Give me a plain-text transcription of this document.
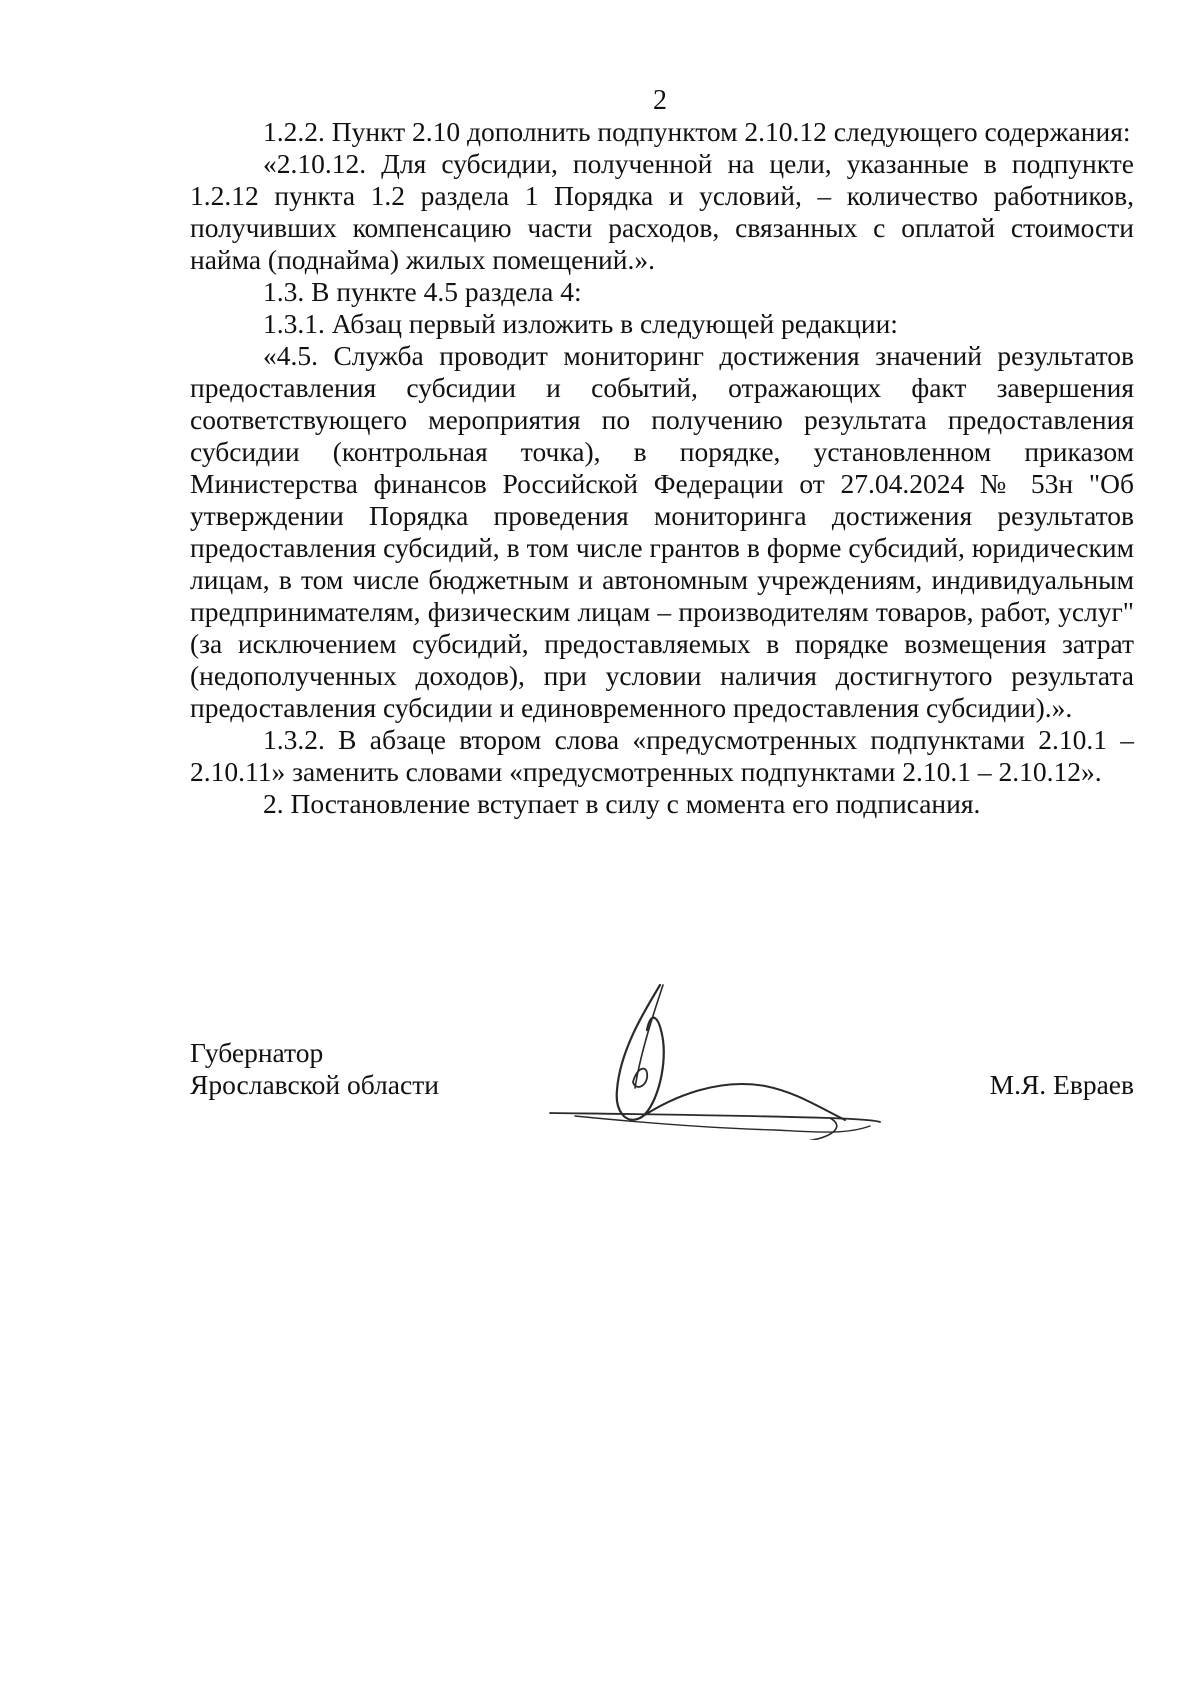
2

1.2.2. Пункт 2.10 дополнить подпунктом 2.10.12 следующего содержания:

«2.10.12. Для субсидии, полученной на цели, указанные в подпункте 1.2.12 пункта 1.2 раздела 1 Порядка и условий, – количество работников, получивших компенсацию части расходов, связанных с оплатой стоимости найма (поднайма) жилых помещений.».

1.3. В пункте 4.5 раздела 4:

1.3.1. Абзац первый изложить в следующей редакции:

«4.5. Служба проводит мониторинг достижения значений результатов предоставления субсидии и событий, отражающих факт завершения соответствующего мероприятия по получению результата предоставления субсидии (контрольная точка), в порядке, установленном приказом Министерства финансов Российской Федерации от 27.04.2024 № 53н "Об утверждении Порядка проведения мониторинга достижения результатов предоставления субсидий, в том числе грантов в форме субсидий, юридическим лицам, в том числе бюджетным и автономным учреждениям, индивидуальным предпринимателям, физическим лицам – производителям товаров, работ, услуг" (за исключением субсидий, предоставляемых в порядке возмещения затрат (недополученных доходов), при условии наличия достигнутого результата предоставления субсидии и единовременного предоставления субсидии).».

1.3.2. В абзаце втором слова «предусмотренных подпунктами 2.10.1 – 2.10.11» заменить словами «предусмотренных подпунктами 2.10.1 – 2.10.12».

2. Постановление вступает в силу с момента его подписания.

Губернатор
Ярославской области	М.Я. Евраев
